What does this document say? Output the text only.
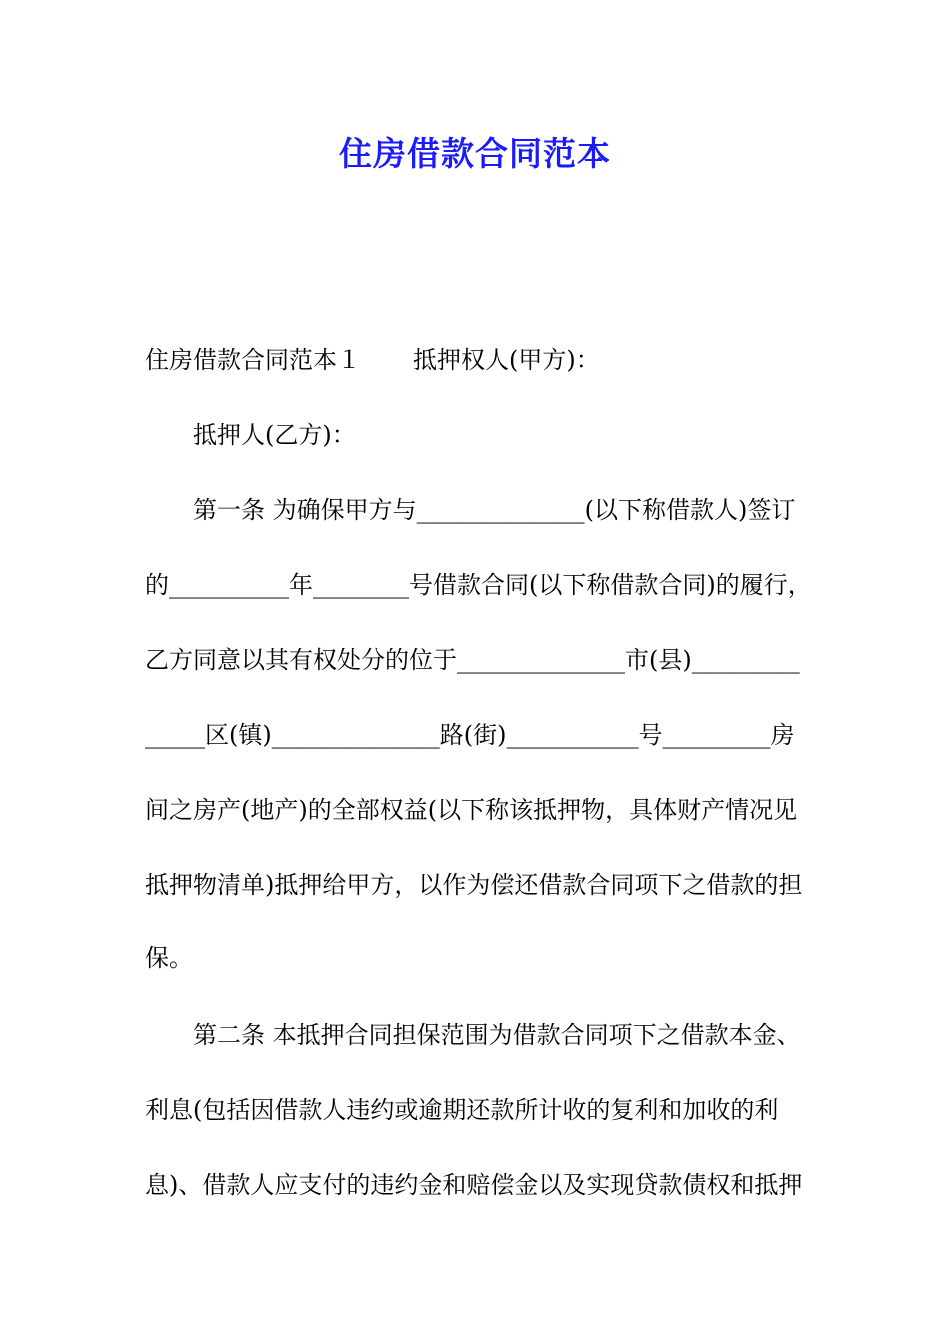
住房借款合同范本
住房借款合同范本１ 抵押权人(甲方)：
抵押人(乙方)：
第一条 为确保甲方与______________(以下称借款人)签订
的__________年________号借款合同(以下称借款合同)的履行，
乙方同意以其有权处分的位于______________市(县)_________
_____区(镇)______________路(街)___________号_________房
间之房产(地产)的全部权益(以下称该抵押物，具体财产情况见
抵押物清单)抵押给甲方，以作为偿还借款合同项下之借款的担
保。
第二条 本抵押合同担保范围为借款合同项下之借款本金、
利息(包括因借款人违约或逾期还款所计收的复利和加收的利
息)、借款人应支付的违约金和赔偿金以及实现贷款债权和抵押
